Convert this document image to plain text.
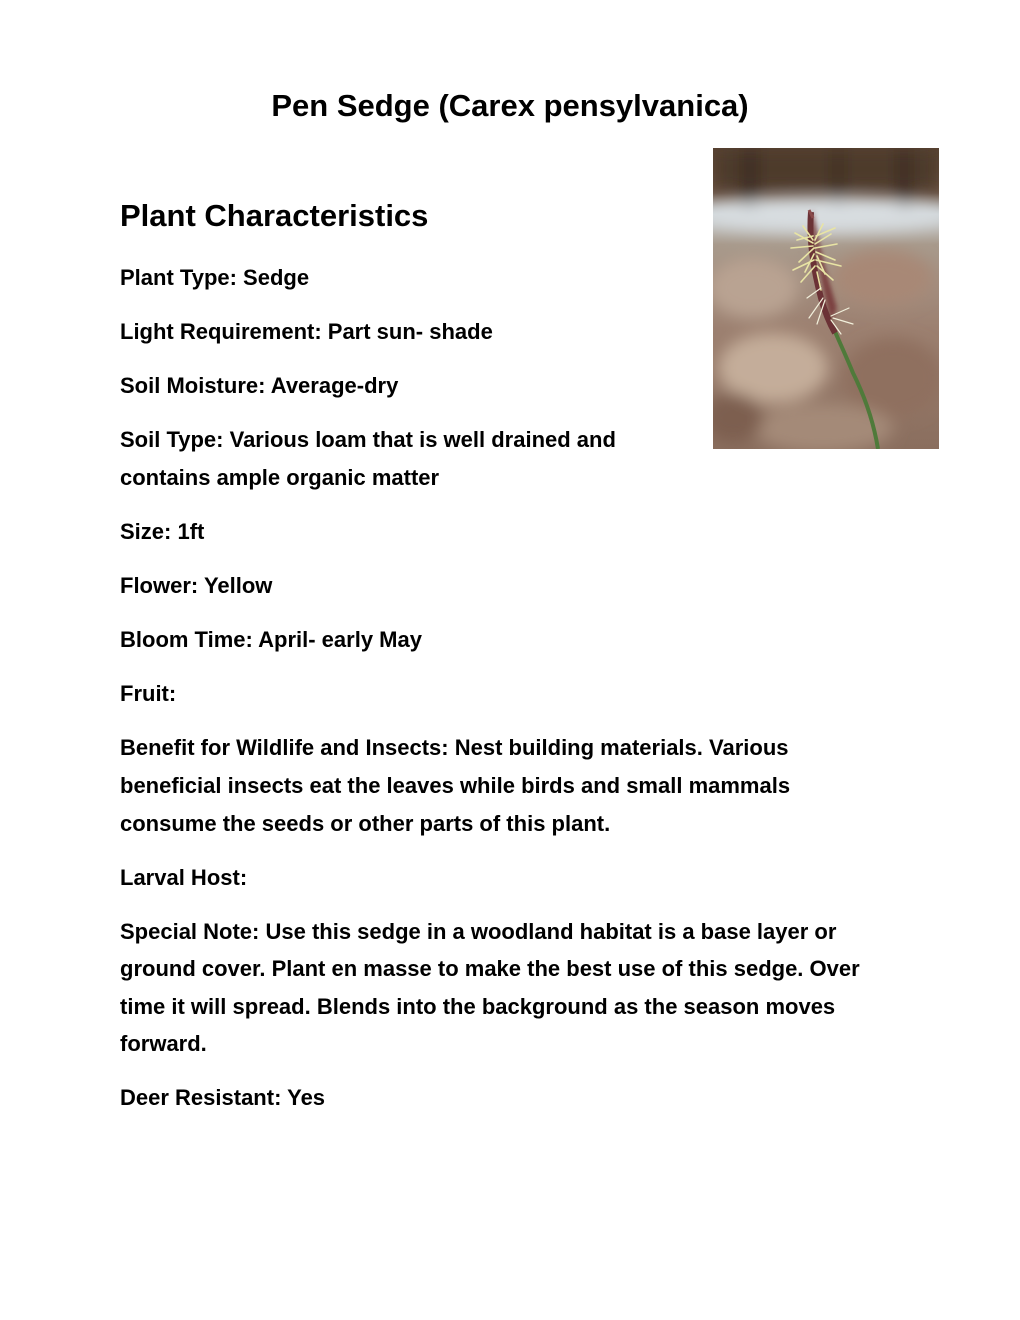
Pen Sedge (Carex pensylvanica)
Plant Characteristics

Plant Type: Sedge

Light Requirement: Part sun- shade

Soil Moisture: Average-dry

Soil Type: Various loam that is well drained and

contains ample organic matter

Size: 1ft

Flower: Yellow

Bloom Time: April- early May

Fruit:

Benefit for Wildlife and Insects: Nest building materials. Various

beneficial insects eat the leaves while birds and small mammals

consume the seeds or other parts of this plant.

Larval Host:

Special Note: Use this sedge in a woodland habitat is a base layer or

ground cover. Plant en masse to make the best use of this sedge. Over

time it will spread. Blends into the background as the season moves

forward.

Deer Resistant: Yes
